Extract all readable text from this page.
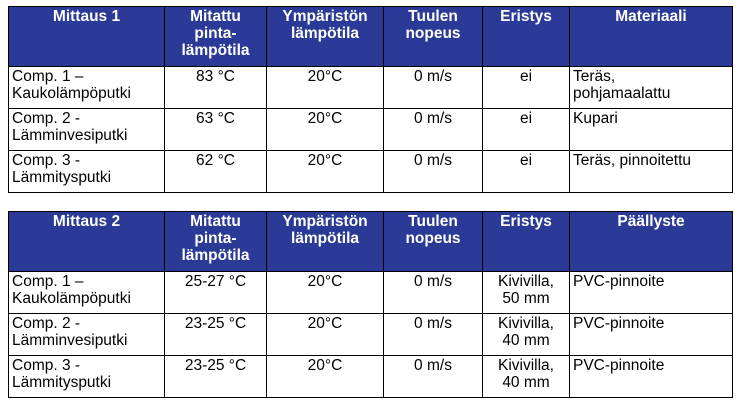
Mittaus 1	Mitattu pinta-
lämpötila	Ympäristön
lämpötila	Tuulen
nopeus	Eristys	Materiaali
Comp. 1 –
Kaukolämpöputki	83 °C	20°C	0 m/s	ei	Teräs,
pohjamaalattu
Comp. 2 -
Lämminvesiputki	63 °C	20°C	0 m/s	ei	Kupari
Comp. 3 -
Lämmitysputki	62 °C	20°C	0 m/s	ei	Teräs, pinnoitettu
Mittaus 2	Mitattu pinta-
lämpötila	Ympäristön
lämpötila	Tuulen
nopeus	Eristys	Päällyste
Comp. 1 –
Kaukolämpöputki	25-27 °C	20°C	0 m/s	Kivivilla,
50 mm	PVC-pinnoite
Comp. 2 -
Lämminvesiputki	23-25 °C	20°C	0 m/s	Kivivilla,
40 mm	PVC-pinnoite
Comp. 3 -
Lämmitysputki	23-25 °C	20°C	0 m/s	Kivivilla,
40 mm	PVC-pinnoite
